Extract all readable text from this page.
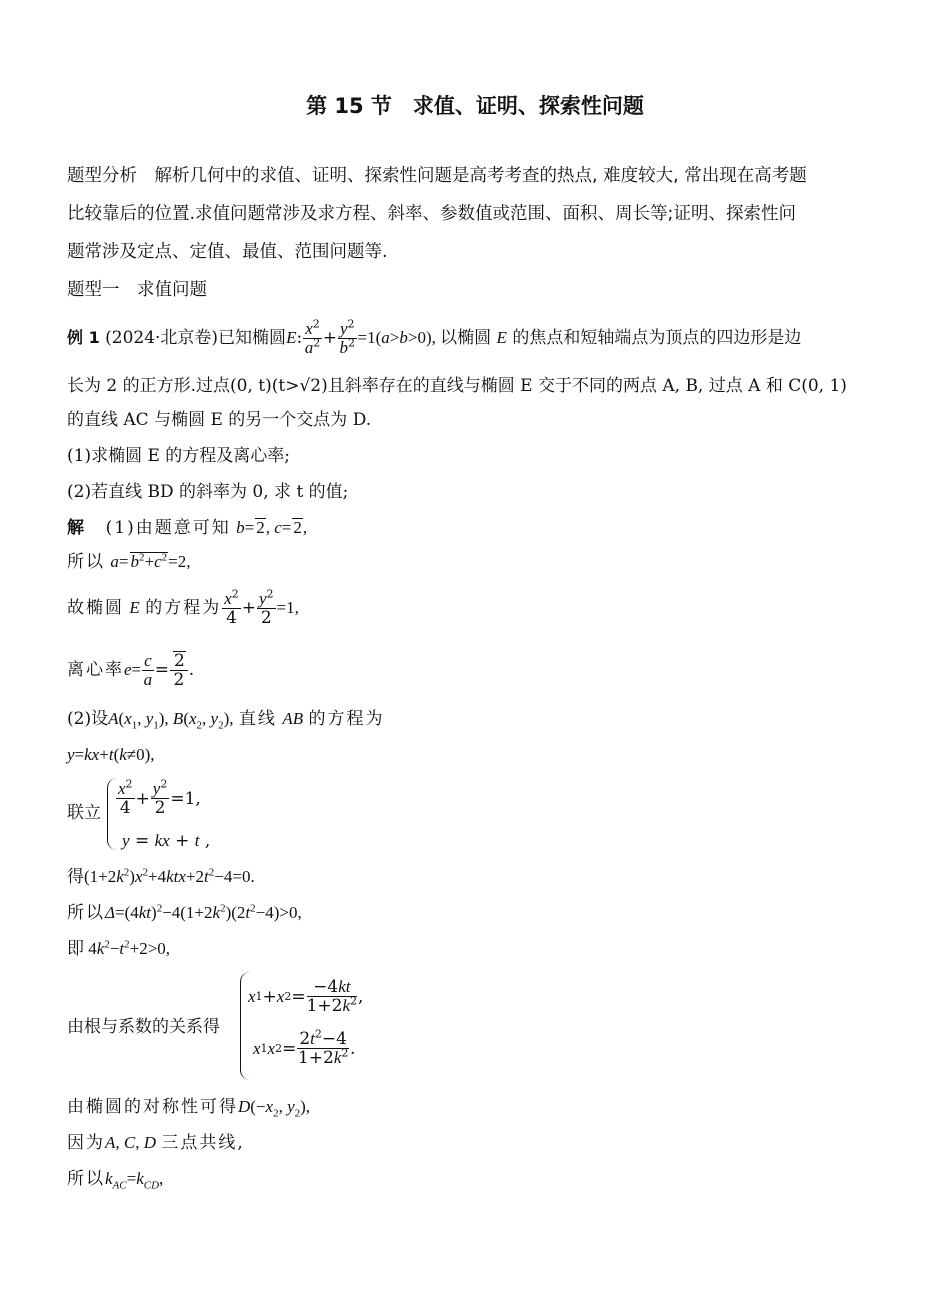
第 15 节　求值、证明、探索性问题
题型分析　解析几何中的求值、证明、探索性问题是高考考查的热点, 难度较大, 常出现在高考题
比较靠后的位置.求值问题常涉及求方程、斜率、参数值或范围、面积、周长等;证明、探索性问
题常涉及定点、定值、最值、范围问题等.
题型一　求值问题
例 1
(2024·北京卷) 已知椭圆 E : $\frac{x^2}{a^2} + \frac{y^2}{b^2} =1(a>b>0)$, 以椭圆
E
的焦点和短轴端点为顶点的四边形是边
长为 2 的正方形.过点(0, t)(t>√2)且斜率存在的直线与椭圆 E 交于不同的两点 A, B, 过点 A 和 C(0, 1)
的直线 AC 与椭圆 E 的另一个交点为 D.
(1)求椭圆 E 的方程及离心率;
(2)若直线 BD 的斜率为 0, 求 t 的值;
解 (1)由题意可知 b= 2, c= 2,
所以 $a= b^2+c^2=2$,
故椭圆
E
的方程为 $\frac{x^2}{4} + \frac{y^2}{2} =1$,
离心率 $e= \frac{c}{a} = \frac{2}{2}$ .
(2)设$A(x_1$, $y_1$), $B(x_2$, $y_2$), 直线 AB 的方程为
y=kx+t(k≠0),
联立 $\frac{x^2}{4} + \frac{y^2}{2} =1$,
y = kx + t ,
得$(1+2k^2)x^2+4ktx+2t^2-4=0$.
所以$\Delta=(4kt)^2-4(1+2k^2)(2t^2-4)>0$,
即 $4k^2-t^2+2>0$,
由根与系数的关系得
x 1 + x $2 = \frac{-4kt}{1+2k^2}$ ,
x 1 x $2 = \frac{2t^2-4}{1+2k^2}$ .
由椭圆的对称性可得$D(-x_2$, $y_2$),
因为A, C, D 三点共线,
所以$k_{AC}=k_{CD}$,
